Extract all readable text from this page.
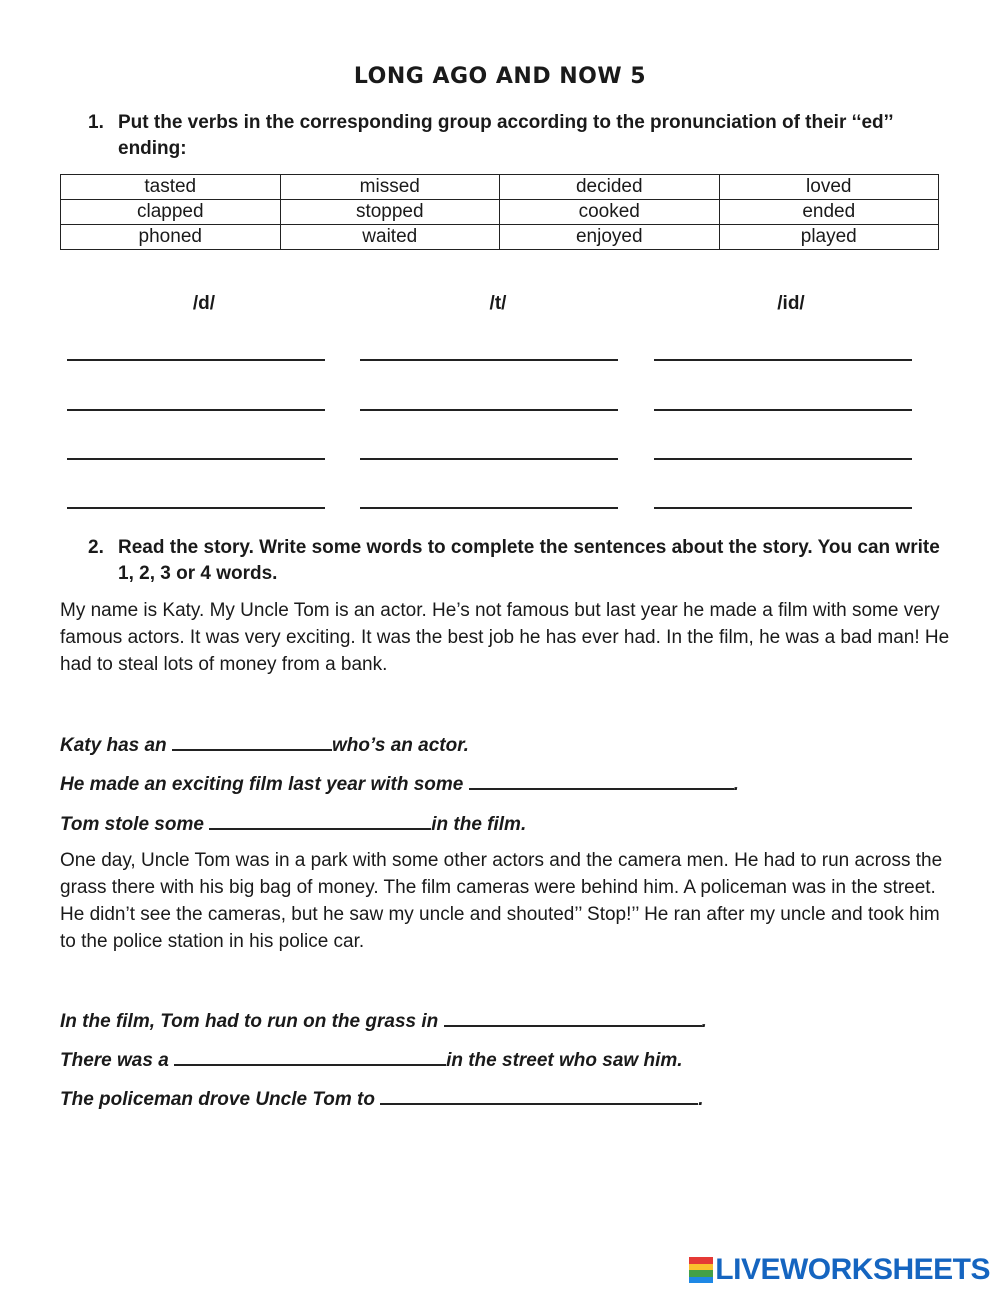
LONG AGO AND NOW 5
1. Put the verbs in the corresponding group according to the pronunciation of their ‘‘ed’’ ending:
tasted	missed	decided	loved
clapped	stopped	cooked	ended
phoned	waited	enjoyed	played
/d/	/t/	/id/
2. Read the story. Write some words to complete the sentences about the story. You can write 1, 2, 3 or 4 words.
My name is Katy. My Uncle Tom is an actor. He’s not famous but last year he made a film with some very famous actors. It was very exciting. It was the best job he has ever had. In the film, he was a bad man! He had to steal lots of money from a bank.
Katy has an	who’s an actor.
He made an exciting film last year with some	.
Tom stole some	in the film.
One day, Uncle Tom was in a park with some other actors and the camera men. He had to run across the grass there with his big bag of money. The film cameras were behind him. A policeman was in the street. He didn’t see the cameras, but he saw my uncle and shouted’’ Stop!’’ He ran after my uncle and took him to the police station in his police car.
In the film, Tom had to run on the grass in	.
There was a	in the street who saw him.
The policeman drove Uncle Tom to	.
LIVEWORKSHEETS
